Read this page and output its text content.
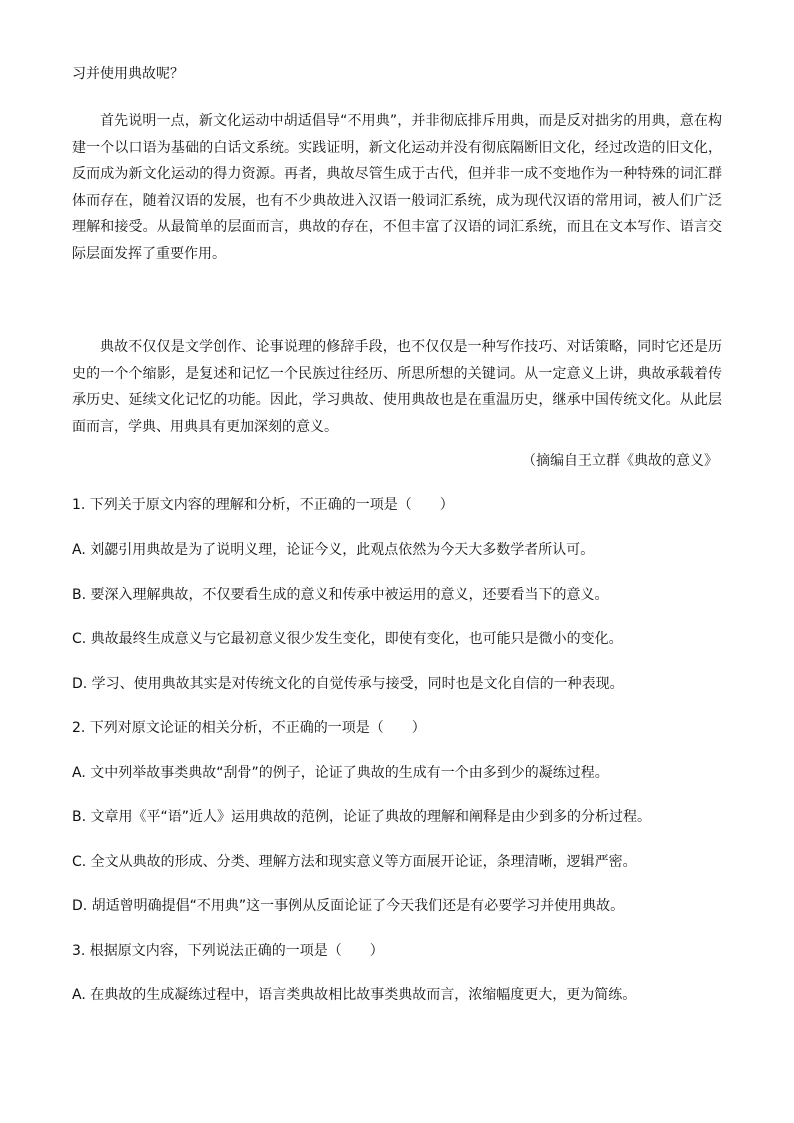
习并使用典故呢？
首先说明一点，新文化运动中胡适倡导“不用典”，并非彻底排斥用典，而是反对拙劣的用典，意在构建一个以口语为基础的白话文系统。实践证明，新文化运动并没有彻底隔断旧文化，经过改造的旧文化，反而成为新文化运动的得力资源。再者，典故尽管生成于古代，但并非一成不变地作为一种特殊的词汇群体而存在，随着汉语的发展，也有不少典故进入汉语一般词汇系统，成为现代汉语的常用词，被人们广泛理解和接受。从最简单的层面而言，典故的存在，不但丰富了汉语的词汇系统，而且在文本写作、语言交际层面发挥了重要作用。
典故不仅仅是文学创作、论事说理的修辞手段，也不仅仅是一种写作技巧、对话策略，同时它还是历史的一个个缩影，是复述和记忆一个民族过往经历、所思所想的关键词。从一定意义上讲，典故承载着传承历史、延续文化记忆的功能。因此，学习典故、使用典故也是在重温历史，继承中国传统文化。从此层面而言，学典、用典具有更加深刻的意义。
（摘编自王立群《典故的意义》
1. 下列关于原文内容的理解和分析，不正确的一项是（　　）
A. 刘勰引用典故是为了说明义理，论证今义，此观点依然为今天大多数学者所认可。
B. 要深入理解典故，不仅要看生成的意义和传承中被运用的意义，还要看当下的意义。
C. 典故最终生成意义与它最初意义很少发生变化，即使有变化，也可能只是微小的变化。
D. 学习、使用典故其实是对传统文化的自觉传承与接受，同时也是文化自信的一种表现。
2. 下列对原文论证的相关分析，不正确的一项是（　　）
A. 文中列举故事类典故“刮骨”的例子，论证了典故的生成有一个由多到少的凝练过程。
B. 文章用《平“语”近人》运用典故的范例，论证了典故的理解和阐释是由少到多的分析过程。
C. 全文从典故的形成、分类、理解方法和现实意义等方面展开论证，条理清晰，逻辑严密。
D. 胡适曾明确提倡“不用典”这一事例从反面论证了今天我们还是有必要学习并使用典故。
3. 根据原文内容，下列说法正确的一项是（　　）
A. 在典故的生成凝练过程中，语言类典故相比故事类典故而言，浓缩幅度更大，更为简练。
